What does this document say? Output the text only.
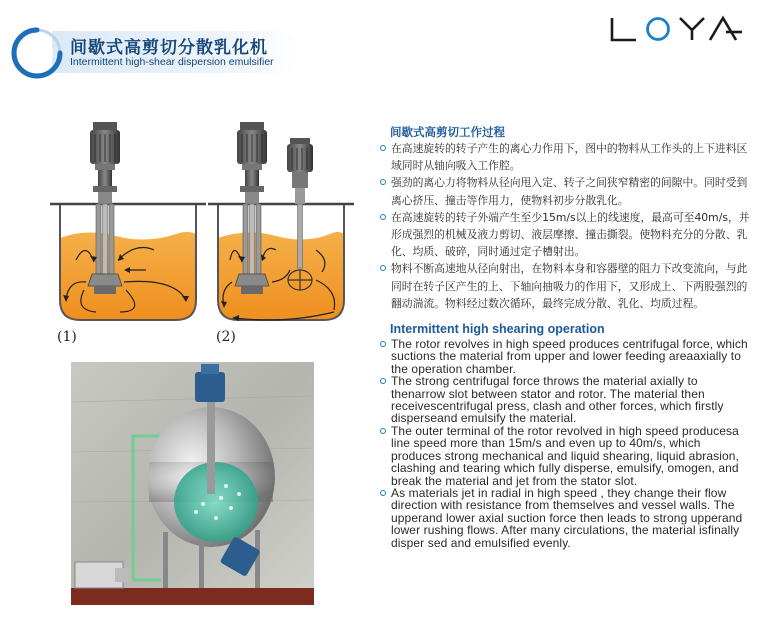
间歇式高剪切分散乳化机
Intermittent high-shear dispersion emulsifier
(1)	(2)
间歇式高剪切工作过程
在高速旋转的转子产生的离心力作用下，图中的物料从工作头的上下进料区域同时从轴向吸入工作腔。
强劲的离心力将物料从径向甩入定、转子之间狭窄精密的间隙中。同时受到离心挤压、撞击等作用力，使物料初步分散乳化。
在高速旋转的转子外端产生至少15m/s以上的线速度，最高可至40m/s，并形成强烈的机械及液力剪切、液层摩擦、撞击撕裂。使物料充分的分散、乳化、均质、破碎，同时通过定子槽射出。
物料不断高速地从径向射出，在物料本身和容器壁的阻力下改变流向，与此同时在转子区产生的上、下轴向抽吸力的作用下，又形成上、下两股强烈的翻动湍流。物料经过数次循环，最终完成分散、乳化、均质过程。
Intermittent high shearing operation
The rotor revolves in high speed produces centrifugal force, which suctions the material from upper and lower feeding areaaxially to the operation chamber.
The strong centrifugal force throws the material axially to thenarrow slot between stator and rotor. The material then receivescentrifugal press, clash and other forces, which firstly disperseand emulsify the material.
The outer terminal of the rotor revolved in high speed producesa line speed more than 15m/s and even up to 40m/s, which produces strong mechanical and liquid shearing, liquid abrasion, clashing and tearing which fully disperse, emulsify, omogen, and break the material and jet from the stator slot.
As materials jet in radial in high speed , they change their flow direction with resistance from themselves and vessel walls. The upperand lower axial suction force then leads to strong upperand lower rushing flows. After many circulations, the material isfinally disper sed and emulsified evenly.
